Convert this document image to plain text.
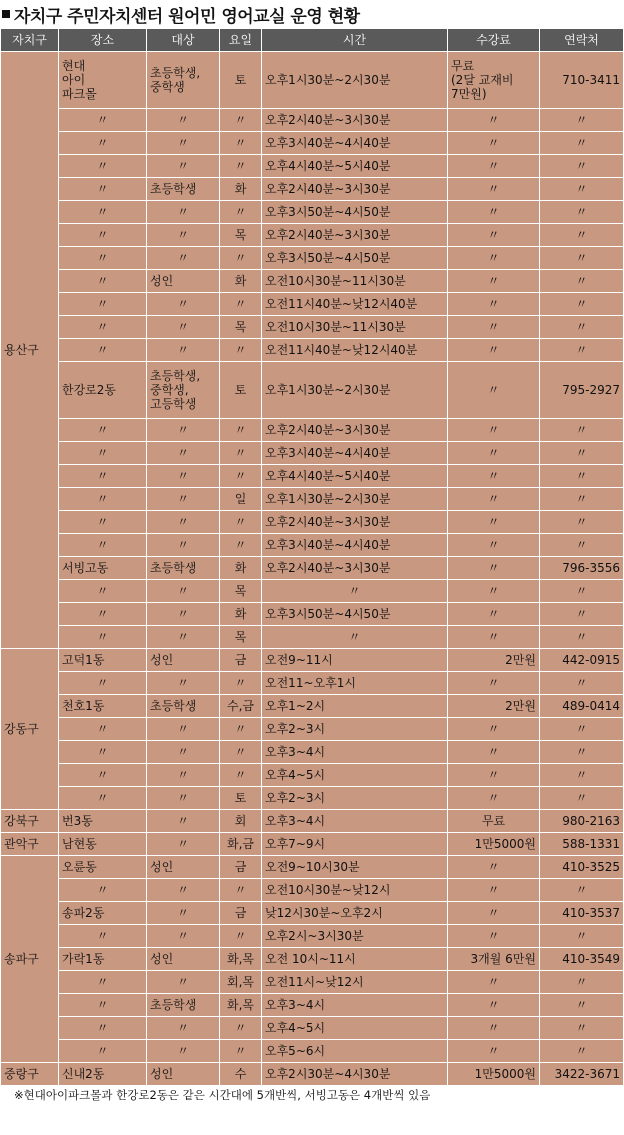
자치구 주민자치센터 원어민 영어교실 운영 현황
자치구	장소	대상	요일	시간	수강료	연락처
용산구	현대
아이
파크몰	초등학생,
중학생	토	오후1시30분~2시30분	무료
(2달 교재비
7만원)	710-3411
	〃	〃	〃	오후2시40분~3시30분	〃	〃
	〃	〃	〃	오후3시40분~4시40분	〃	〃
	〃	〃	〃	오후4시40분~5시40분	〃	〃
	〃	초등학생	화	오후2시40분~3시30분	〃	〃
	〃	〃	〃	오후3시50분~4시50분	〃	〃
	〃	〃	목	오후2시40분~3시30분	〃	〃
	〃	〃	〃	오후3시50분~4시50분	〃	〃
	〃	성인	화	오전10시30분~11시30분	〃	〃
	〃	〃	〃	오전11시40분~낮12시40분	〃	〃
	〃	〃	목	오전10시30분~11시30분	〃	〃
	〃	〃	〃	오전11시40분~낮12시40분	〃	〃
	한강로2동	초등학생,
중학생,
고등학생	토	오후1시30분~2시30분	〃	795-2927
	〃	〃	〃	오후2시40분~3시30분	〃	〃
	〃	〃	〃	오후3시40분~4시40분	〃	〃
	〃	〃	〃	오후4시40분~5시40분	〃	〃
	〃	〃	일	오후1시30분~2시30분	〃	〃
	〃	〃	〃	오후2시40분~3시30분	〃	〃
	〃	〃	〃	오후3시40분~4시40분	〃	〃
	서빙고동	초등학생	화	오후2시40분~3시30분	〃	796-3556
	〃	〃	목	〃	〃	〃
	〃	〃	화	오후3시50분~4시50분	〃	〃
	〃	〃	목	〃	〃	〃
강동구	고덕1동	성인	금	오전9~11시	2만원	442-0915
	〃	〃	〃	오전11~오후1시	〃	〃
	천호1동	초등학생	수,금	오후1~2시	2만원	489-0414
	〃	〃	〃	오후2~3시	〃	〃
	〃	〃	〃	오후3~4시	〃	〃
	〃	〃	〃	오후4~5시	〃	〃
	〃	〃	토	오후2~3시	〃	〃
강북구	번3동	〃	회	오후3~4시	무료	980-2163
관악구	남현동	〃	화,금	오후7~9시	1만5000원	588-1331
송파구	오륜동	성인	금	오전9~10시30분	〃	410-3525
	〃	〃	〃	오전10시30분~낮12시	〃	〃
	송파2동	〃	금	낮12시30분~오후2시	〃	410-3537
	〃	〃	〃	오후2시~3시30분	〃	〃
	가락1동	성인	화,목	오전 10시~11시	3개월 6만원	410-3549
	〃	〃	회,목	오전11시~낮12시	〃	〃
	〃	초등학생	화,목	오후3~4시	〃	〃
	〃	〃	〃	오후4~5시	〃	〃
	〃	〃	〃	오후5~6시	〃	〃
중랑구	신내2동	성인	수	오후2시30분~4시30분	1만5000원	3422-3671
※현대아이파크몰과 한강로2동은 같은 시간대에 5개반씩, 서빙고동은 4개반씩 있음
